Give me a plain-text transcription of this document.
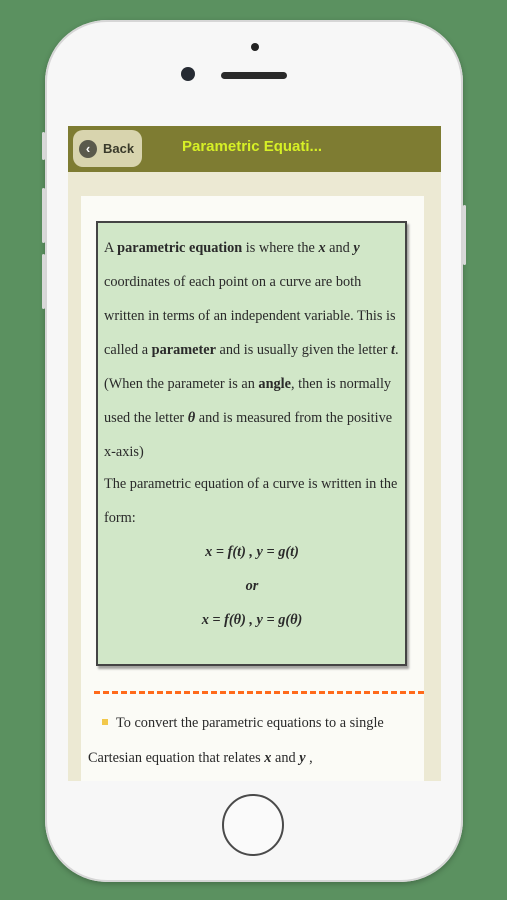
‹ Back	Parametric Equati...

A parametric equation is where the x and y coordinates of each point on a curve are both written in terms of an independent variable. This is called a parameter and is usually given the letter t. (When the parameter is an angle, then is normally used the letter θ and is measured from the positive x-axis)

The parametric equation of a curve is written in the form:

x = f(t) , y = g(t)

or

x = f(θ) , y = g(θ)

To convert the parametric equations to a single Cartesian equation that relates x and y ,
